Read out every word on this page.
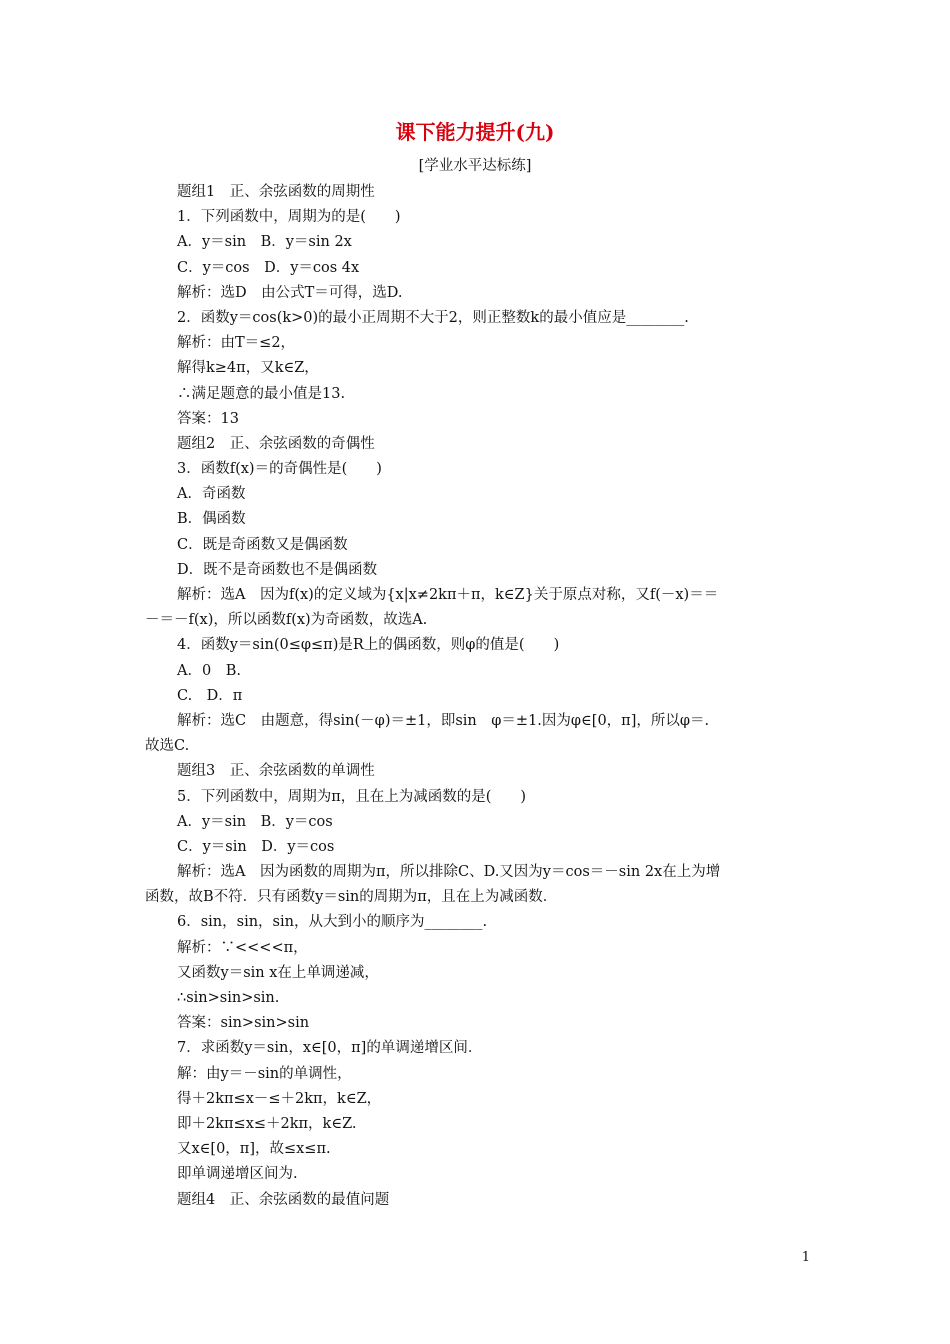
课下能力提升(九)
[学业水平达标练]
题组1　正、余弦函数的周期性
1．下列函数中，周期为的是(　　)
A．y＝sin　B．y＝sin 2x
C．y＝cos　D．y＝cos 4x
解析：选D　由公式T＝可得，选D.
2．函数y＝cos(k>0)的最小正周期不大于2，则正整数k的最小值应是________.
解析：由T＝≤2，
解得k≥4π，又k∈Z，
∴满足题意的最小值是13.
答案：13
题组2　正、余弦函数的奇偶性
3．函数f(x)＝的奇偶性是(　　)
A．奇函数
B．偶函数
C．既是奇函数又是偶函数
D．既不是奇函数也不是偶函数
解析：选A　因为f(x)的定义域为{x|x≠2kπ＋π，k∈Z}关于原点对称，又f(－x)＝＝
－＝－f(x)，所以函数f(x)为奇函数，故选A.
4．函数y＝sin(0≤φ≤π)是R上的偶函数，则φ的值是(　　)
A．0　B.
C.　D．π
解析：选C　由题意，得sin(－φ)＝±1，即sin　φ＝±1.因为φ∈[0，π]，所以φ＝.
故选C.
题组3　正、余弦函数的单调性
5．下列函数中，周期为π，且在上为减函数的是(　　)
A．y＝sin　B．y＝cos
C．y＝sin　D．y＝cos
解析：选A　因为函数的周期为π，所以排除C、D.又因为y＝cos＝－sin 2x在上为增
函数，故B不符．只有函数y＝sin的周期为π，且在上为减函数．
6．sin，sin，sin，从大到小的顺序为________.
解析：∵<<<<π，
又函数y＝sin x在上单调递减，
∴sin>sin>sin.
答案：sin>sin>sin
7．求函数y＝sin，x∈[0，π]的单调递增区间．
解：由y＝－sin的单调性，
得＋2kπ≤x－≤＋2kπ，k∈Z，
即＋2kπ≤x≤＋2kπ，k∈Z.
又x∈[0，π]，故≤x≤π.
即单调递增区间为.
题组4　正、余弦函数的最值问题
1
